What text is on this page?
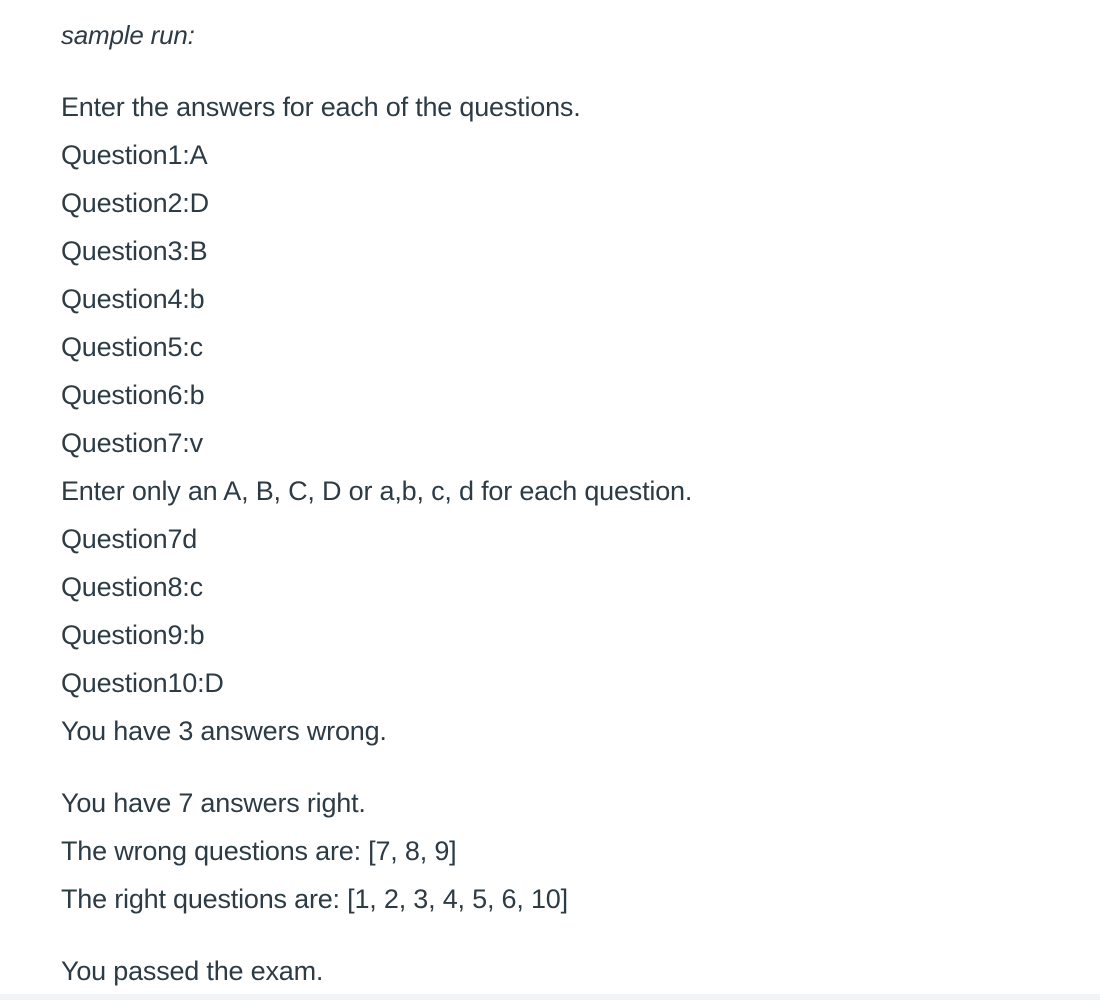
sample run:
Enter the answers for each of the questions.
Question1:A
Question2:D
Question3:B
Question4:b
Question5:c
Question6:b
Question7:v
Enter only an A, B, C, D or a,b, c, d for each question.
Question7d
Question8:c
Question9:b
Question10:D
You have 3 answers wrong.
You have 7 answers right.
The wrong questions are: [7, 8, 9]
The right questions are: [1, 2, 3, 4, 5, 6, 10]
You passed the exam.
